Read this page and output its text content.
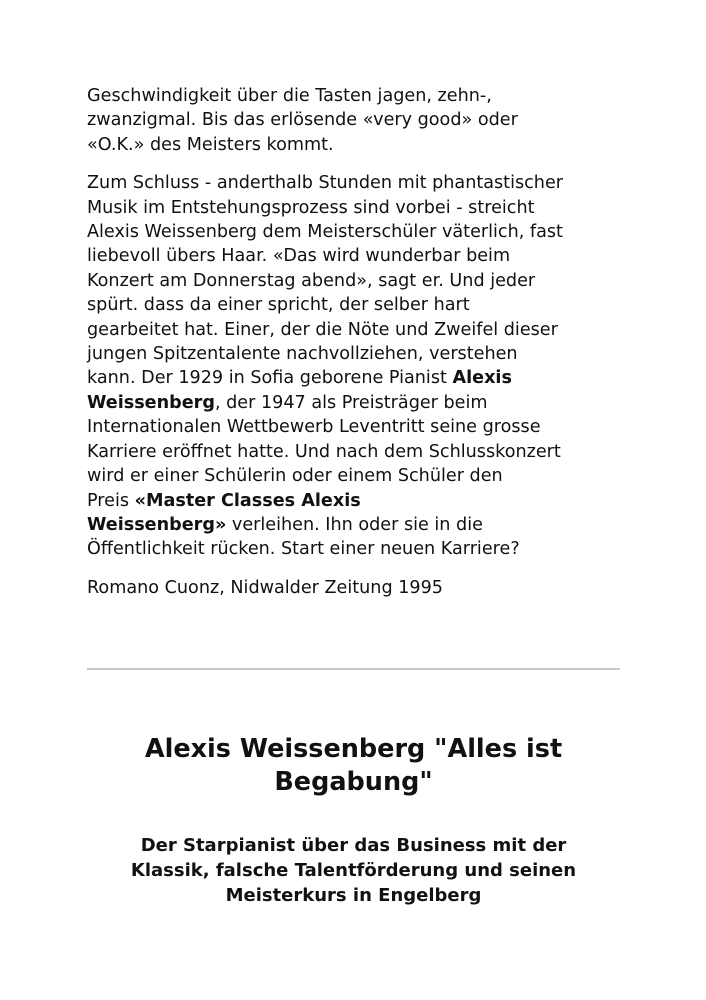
Geschwindigkeit über die Tasten jagen, zehn-,
zwanzigmal. Bis das erlösende «very good» oder
«O.K.» des Meisters kommt.

Zum Schluss - anderthalb Stunden mit phantastischer
Musik im Entstehungsprozess sind vorbei - streicht
Alexis Weissenberg dem Meisterschüler väterlich, fast
liebevoll übers Haar. «Das wird wunderbar beim
Konzert am Donnerstag abend», sagt er. Und jeder
spürt. dass da einer spricht, der selber hart
gearbeitet hat. Einer, der die Nöte und Zweifel dieser
jungen Spitzentalente nachvollziehen, verstehen
kann. Der 1929 in Sofia geborene Pianist Alexis
Weissenberg, der 1947 als Preisträger beim
Internationalen Wettbewerb Leventritt seine grosse
Karriere eröffnet hatte. Und nach dem Schlusskonzert
wird er einer Schülerin oder einem Schüler den
Preis «Master Classes Alexis
Weissenberg» verleihen. Ihn oder sie in die
Öffentlichkeit rücken. Start einer neuen Karriere?

Romano Cuonz, Nidwalder Zeitung 1995

Alexis Weissenberg "Alles ist
Begabung"
Der Starpianist über das Business mit der
Klassik, falsche Talentförderung und seinen
Meisterkurs in Engelberg
